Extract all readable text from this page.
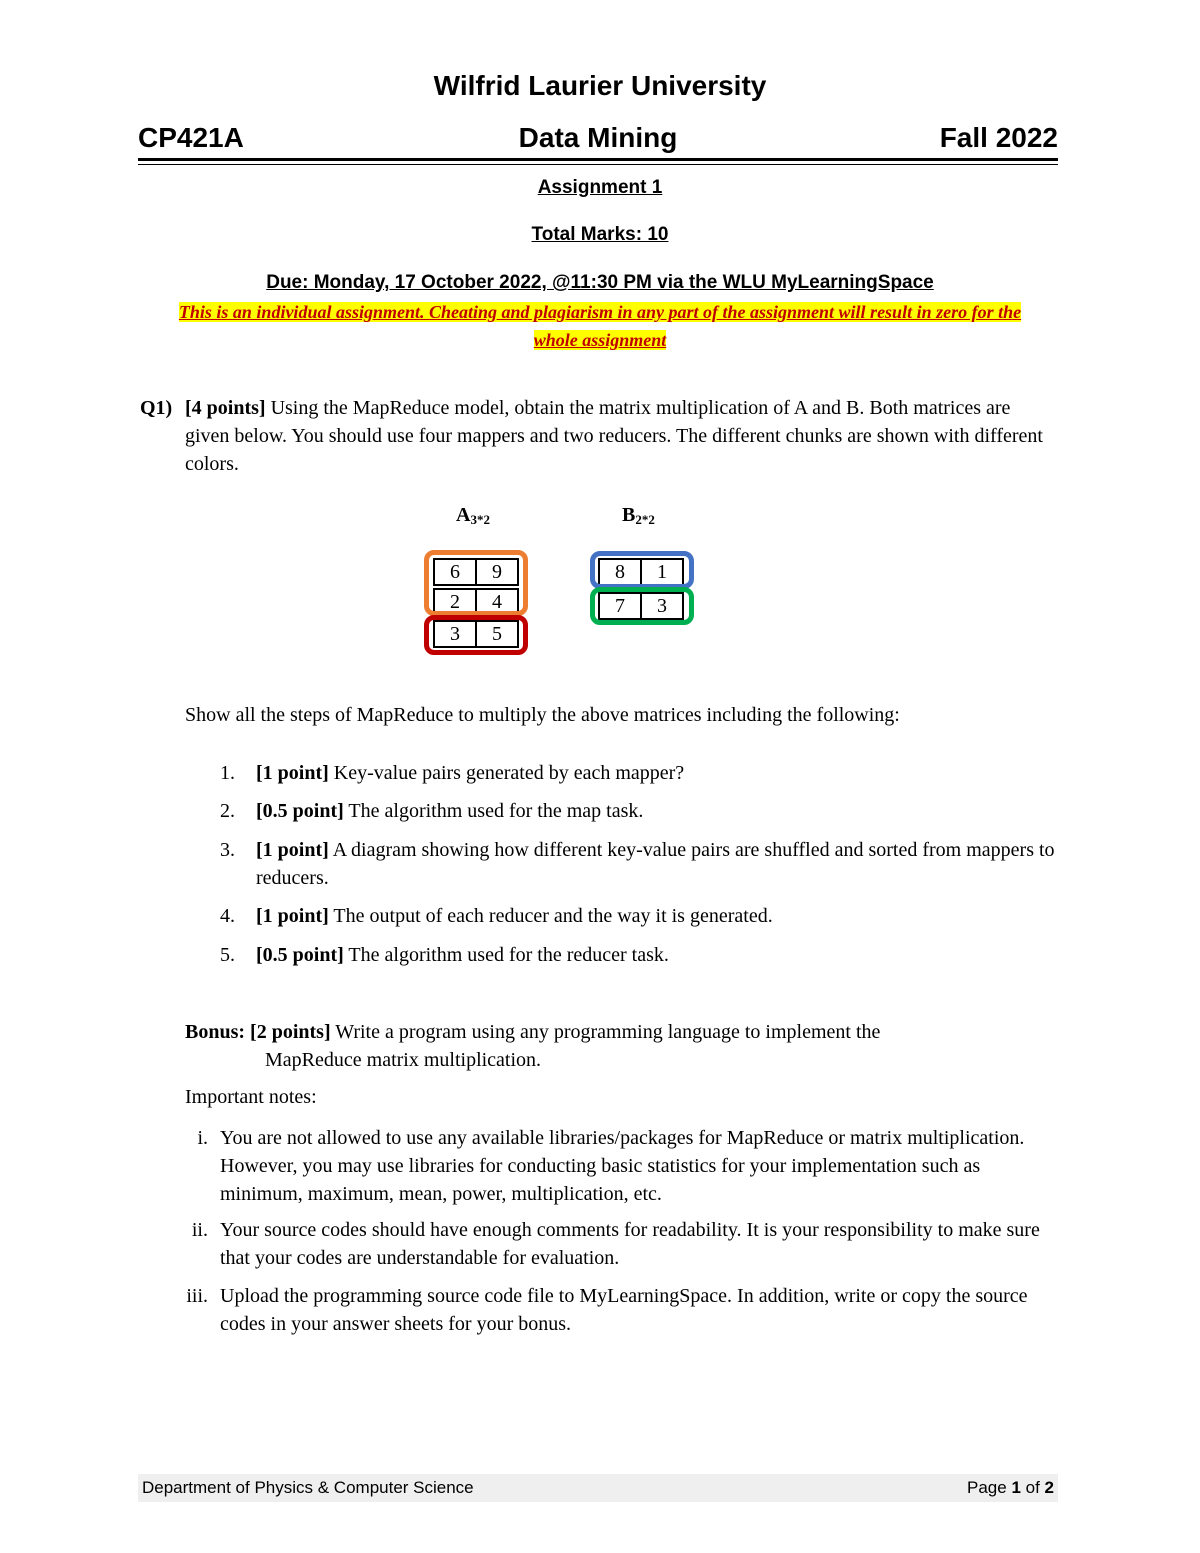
Wilfrid Laurier University
Data Mining
CP421A	Fall 2022
Assignment 1
Total Marks: 10
Due: Monday, 17 October 2022, @11:30 PM via the WLU MyLearningSpace
This is an individual assignment. Cheating and plagiarism in any part of the assignment will result in zero for the whole assignment
Q1) [4 points] Using the MapReduce model, obtain the matrix multiplication of A and B. Both matrices are given below. You should use four mappers and two reducers. The different chunks are shown with different colors.
$A_{3*2}$	$B_{2*2}$
6	9
2	4
3	5
8	1
7	3
Show all the steps of MapReduce to multiply the above matrices including the following:
1. [1 point] Key-value pairs generated by each mapper?
2. [0.5 point] The algorithm used for the map task.
3. [1 point] A diagram showing how different key-value pairs are shuffled and sorted from mappers to reducers.
4. [1 point] The output of each reducer and the way it is generated.
5. [0.5 point] The algorithm used for the reducer task.
Bonus: [2 points] Write a program using any programming language to implement the
MapReduce matrix multiplication.
Important notes:
i. You are not allowed to use any available libraries/packages for MapReduce or matrix multiplication. However, you may use libraries for conducting basic statistics for your implementation such as minimum, maximum, mean, power, multiplication, etc.
ii. Your source codes should have enough comments for readability. It is your responsibility to make sure that your codes are understandable for evaluation.
iii. Upload the programming source code file to MyLearningSpace. In addition, write or copy the source codes in your answer sheets for your bonus.
Department of Physics & Computer Science	Page 1 of 2
